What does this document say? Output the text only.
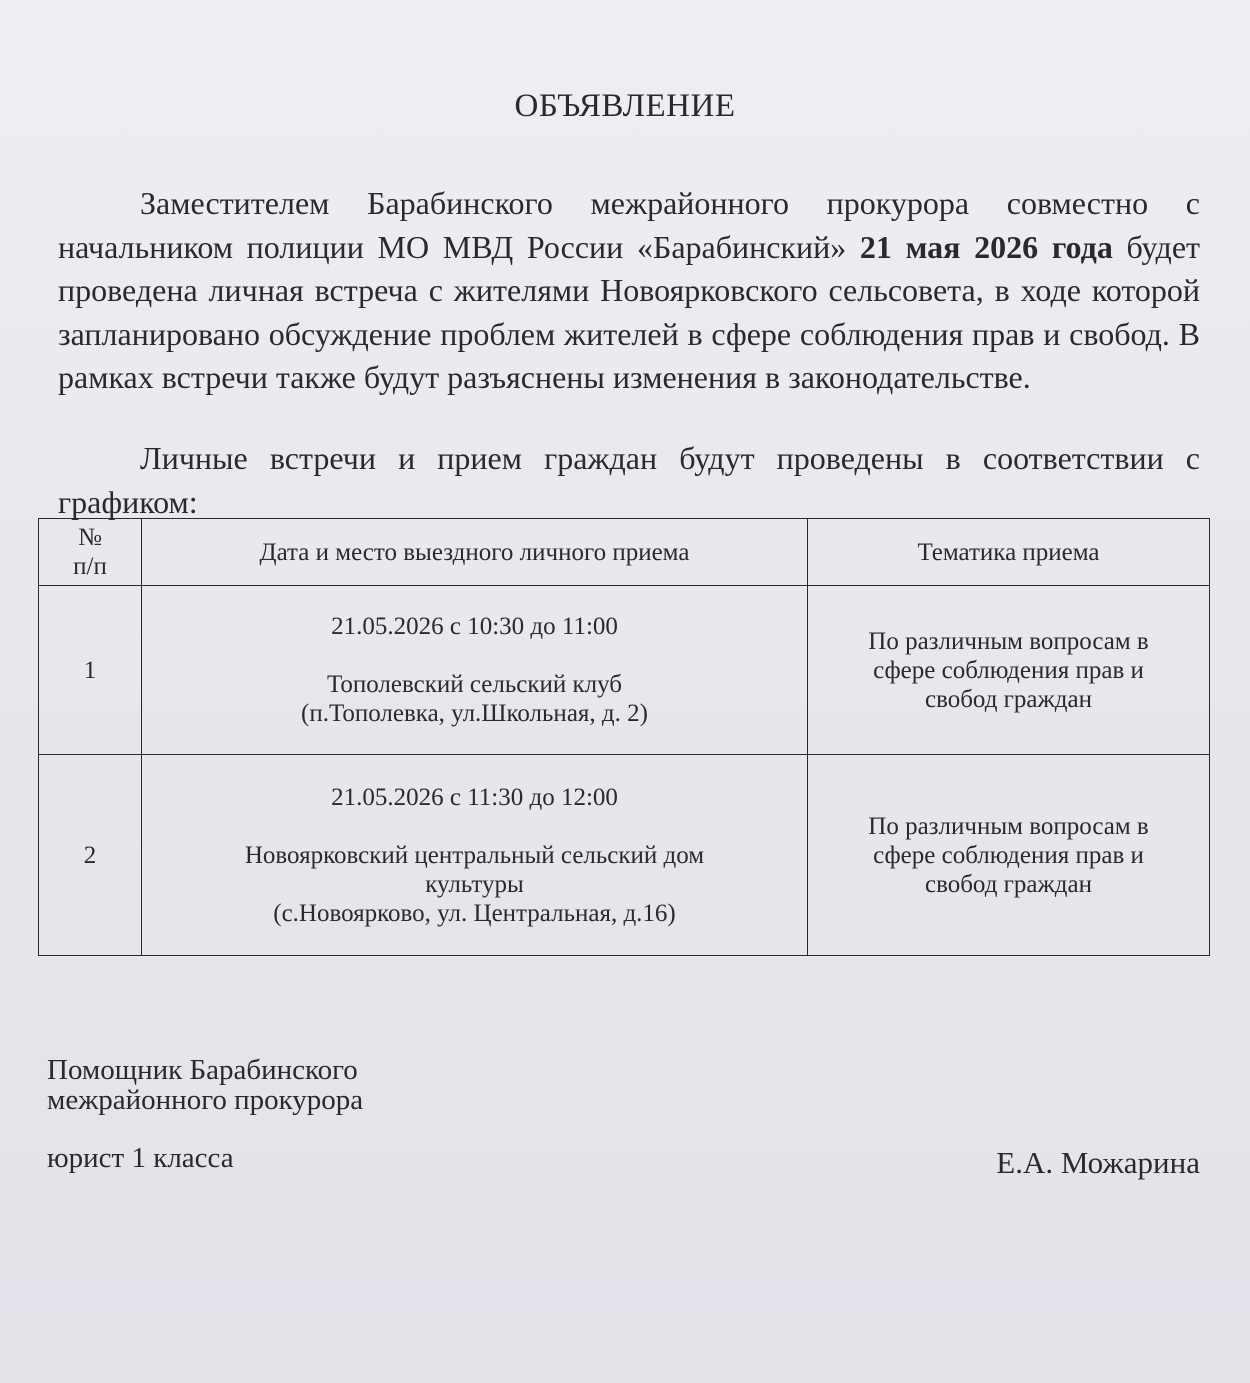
ОБЪЯВЛЕНИЕ

Заместителем Барабинского межрайонного прокурора совместно с начальником полиции МО МВД России «Барабинский» 21 мая 2026 года будет проведена личная встреча с жителями Новоярковского сельсовета, в ходе которой запланировано обсуждение проблем жителей в сфере соблюдения прав и свобод. В рамках встречи также будут разъяснены изменения в законодательстве.

Личные встречи и прием граждан будут проведены в соответствии с графиком:

№
п/п	Дата и место выездного личного приема	Тематика приема
1	21.05.2026 с 10:30 до 11:00
Тополевский сельский клуб
(п.Тополевка, ул.Школьная, д. 2)	По различным вопросам в
сфере соблюдения прав и
свобод граждан
2	21.05.2026 с 11:30 до 12:00
Новоярковский центральный сельский дом
культуры
(с.Новоярково, ул. Центральная, д.16)	По различным вопросам в
сфере соблюдения прав и
свобод граждан
Помощник Барабинского
межрайонного прокурора
юрист 1 класса	Е.А. Можарина
